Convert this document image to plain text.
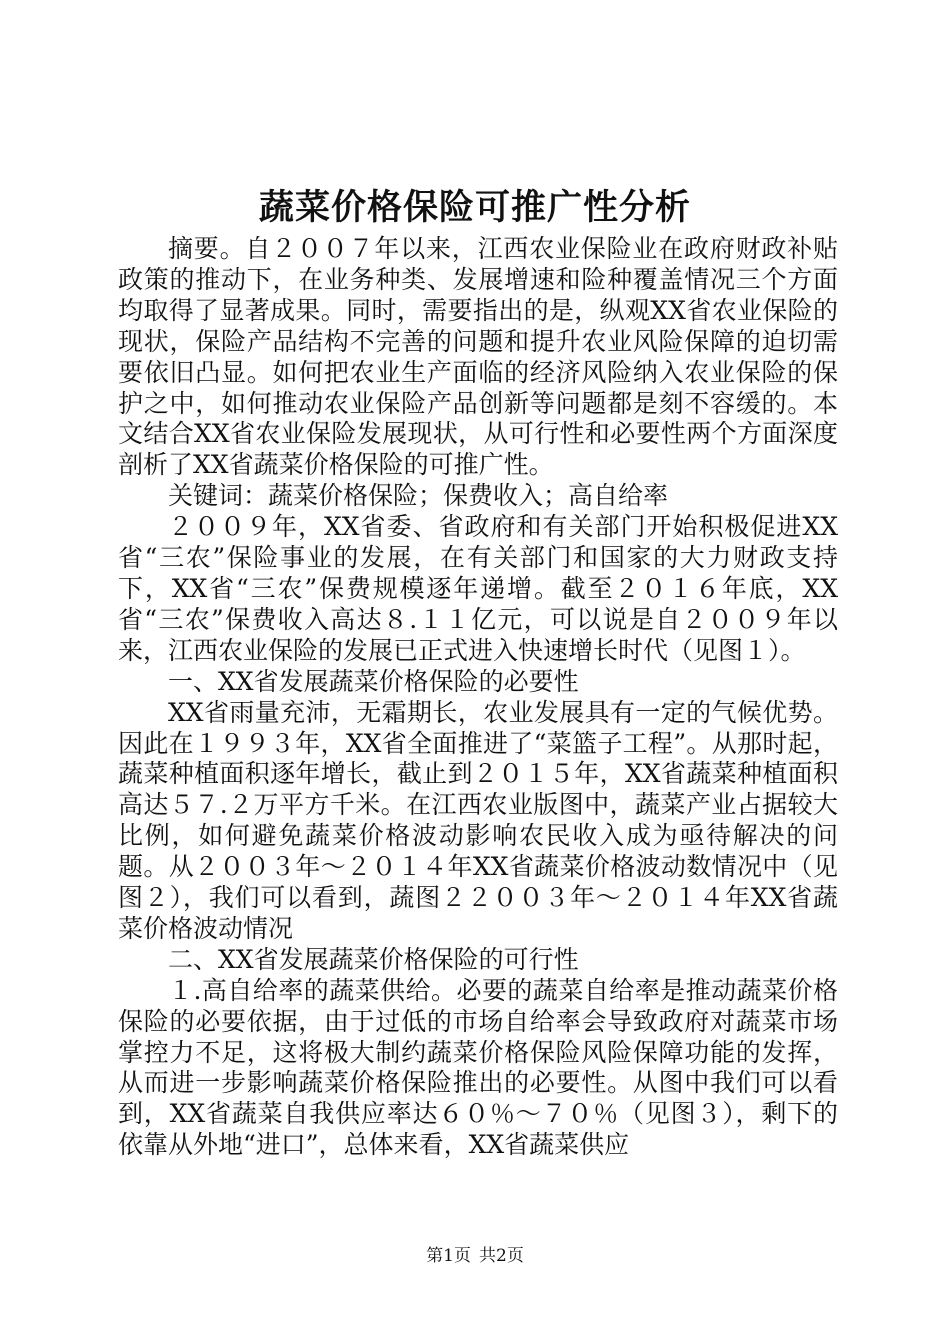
蔬菜价格保险可推广性分析

摘要。自２００７年以来，江西农业保险业在政府财政补贴政策的推动下，在业务种类、发展增速和险种覆盖情况三个方面均取得了显著成果。同时，需要指出的是，纵观XX省农业保险的现状，保险产品结构不完善的问题和提升农业风险保障的迫切需要依旧凸显。如何把农业生产面临的经济风险纳入农业保险的保护之中，如何推动农业保险产品创新等问题都是刻不容缓的。本文结合XX省农业保险发展现状，从可行性和必要性两个方面深度剖析了XX省蔬菜价格保险的可推广性。

关键词：蔬菜价格保险；保费收入；高自给率

２００９年，XX省委、省政府和有关部门开始积极促进XX省“三农”保险事业的发展，在有关部门和国家的大力财政支持下，XX省“三农”保费规模逐年递增。截至２０１６年底，XX省“三农”保费收入高达８.１１亿元，可以说是自２００９年以来，江西农业保险的发展已正式进入快速增长时代（见图１）。

一、XX省发展蔬菜价格保险的必要性

XX省雨量充沛，无霜期长，农业发展具有一定的气候优势。因此在１９９３年，XX省全面推进了“菜篮子工程”。从那时起，蔬菜种植面积逐年增长，截止到２０１５年，XX省蔬菜种植面积高达５７.２万平方千米。在江西农业版图中，蔬菜产业占据较大比例，如何避免蔬菜价格波动影响农民收入成为亟待解决的问题。从２００３年～２０１４年XX省蔬菜价格波动数情况中（见图２），我们可以看到，蔬图２２００３年～２０１４年XX省蔬菜价格波动情况

二、XX省发展蔬菜价格保险的可行性

１.高自给率的蔬菜供给。必要的蔬菜自给率是推动蔬菜价格保险的必要依据，由于过低的市场自给率会导致政府对蔬菜市场掌控力不足，这将极大制约蔬菜价格保险风险保障功能的发挥，从而进一步影响蔬菜价格保险推出的必要性。从图中我们可以看到，XX省蔬菜自我供应率达６０％～７０％（见图３），剩下的依靠从外地“进口”，总体来看，XX省蔬菜供应

第1页 共2页
